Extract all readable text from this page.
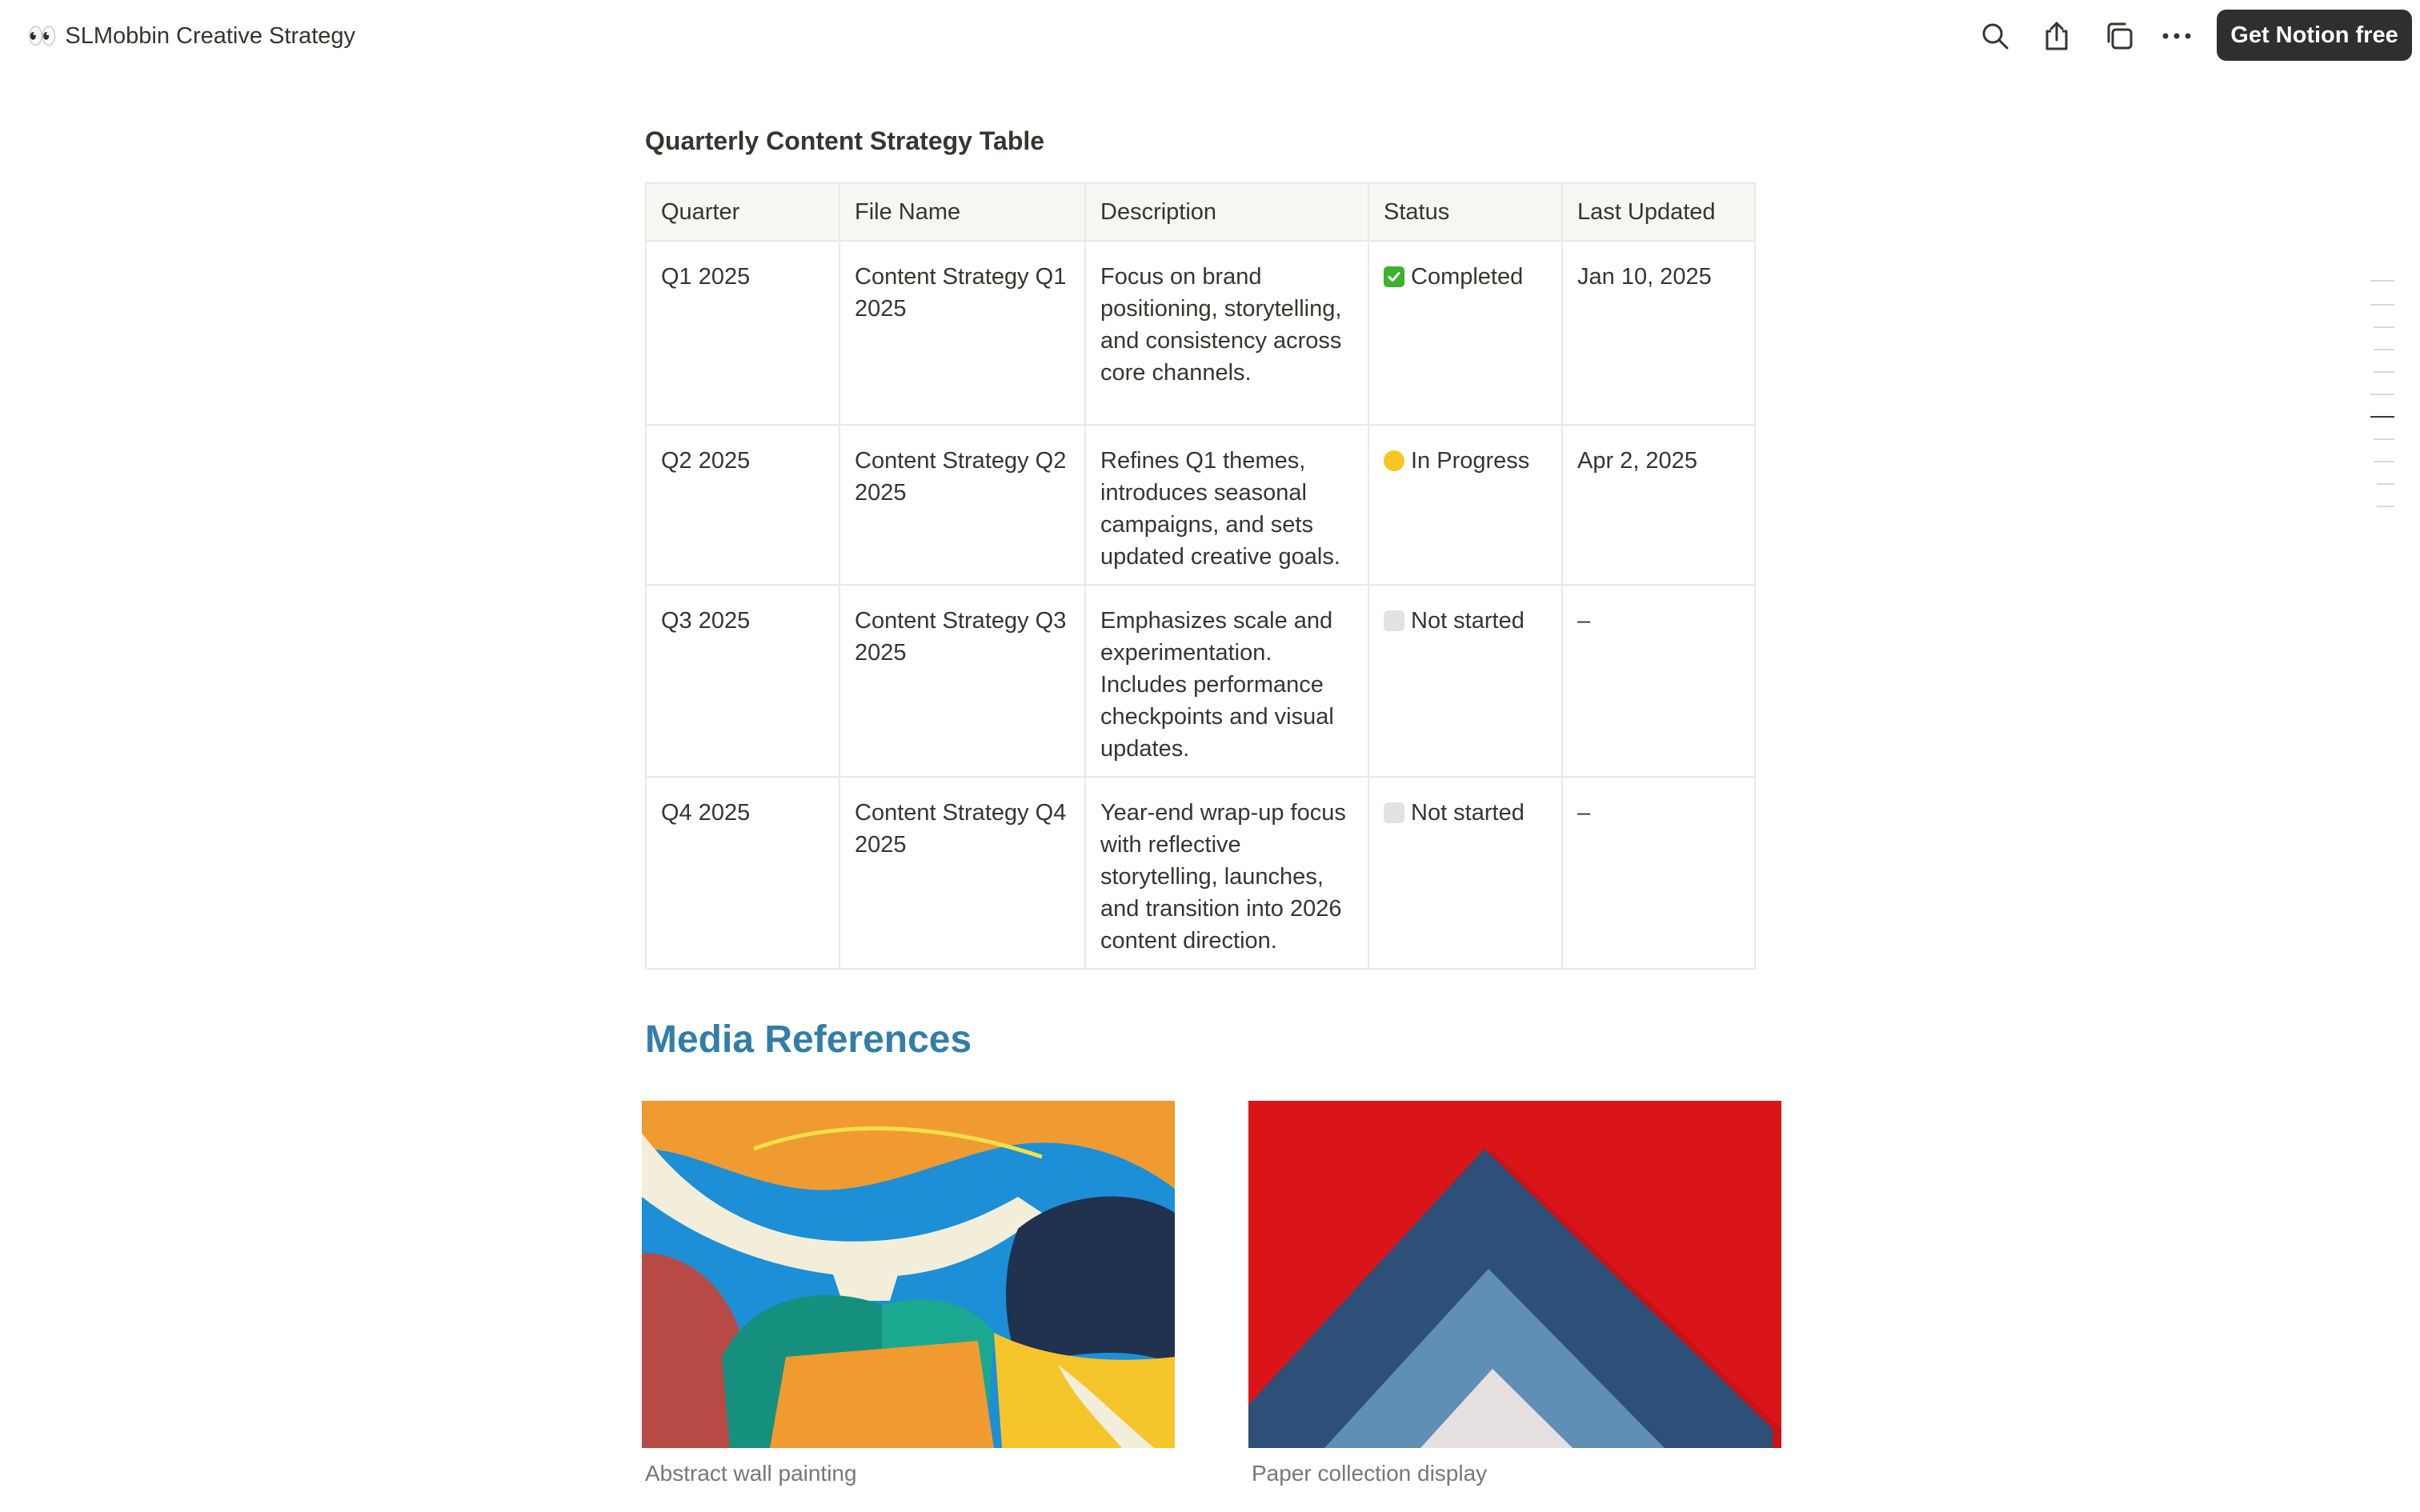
👀 SLMobbin Creative Strategy	Get Notion free
Quarterly Content Strategy Table
Quarter	File Name	Description	Status	Last Updated
Q1 2025	Content Strategy Q1 2025	Focus on brand positioning, storytelling, and consistency across core channels.	Completed	Jan 10, 2025
Q2 2025	Content Strategy Q2 2025	Refines Q1 themes, introduces seasonal campaigns, and sets updated creative goals.	In Progress	Apr 2, 2025
Q3 2025	Content Strategy Q3 2025	Emphasizes scale and experimentation. Includes performance checkpoints and visual updates.	Not started	–
Q4 2025	Content Strategy Q4 2025	Year-end wrap-up focus with reflective storytelling, launches, and transition into 2026 content direction.	Not started	–
Media References
Abstract wall painting	Paper collection display
